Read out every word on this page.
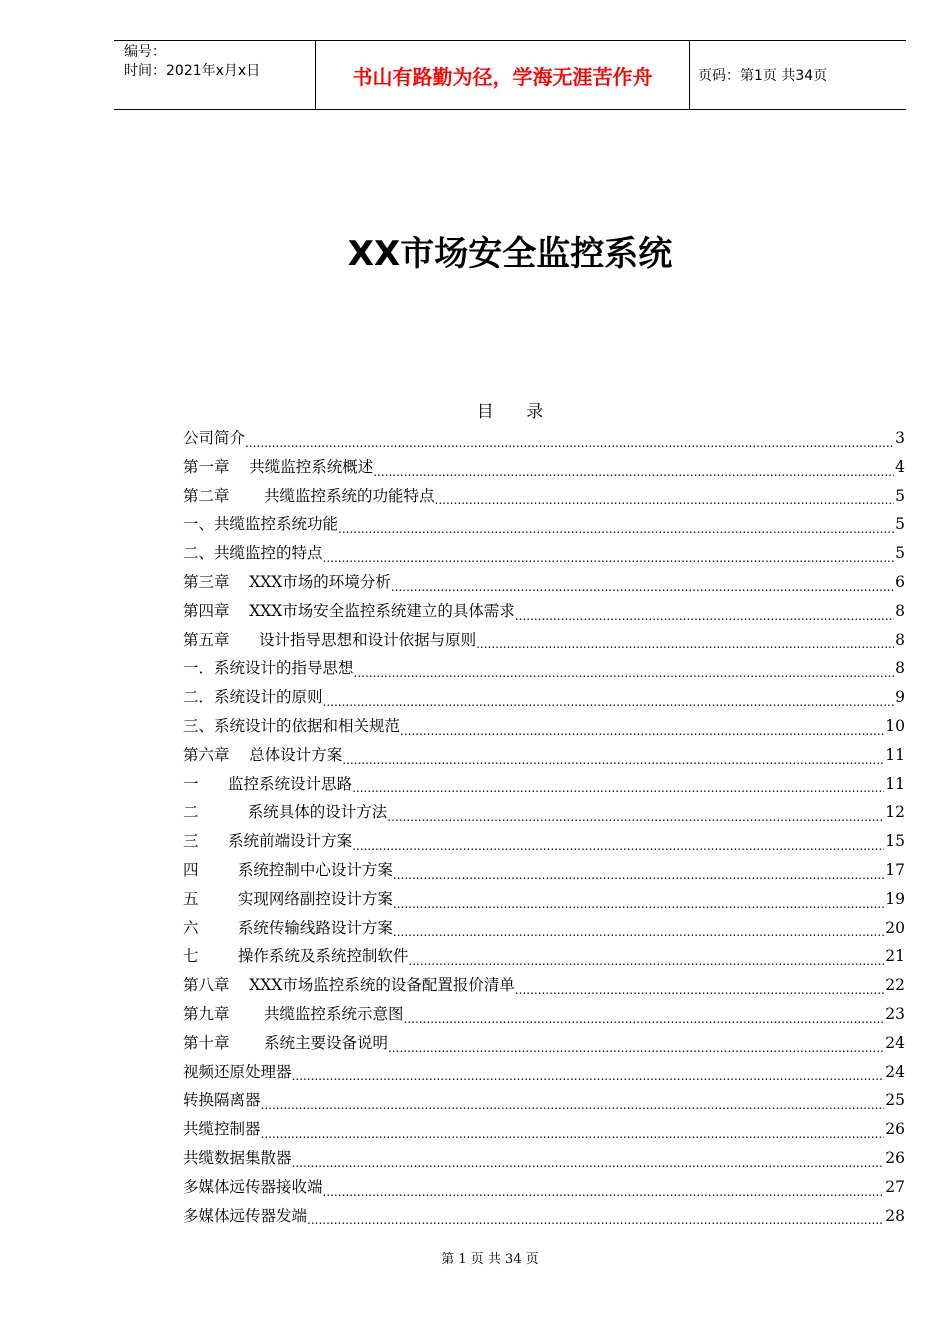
编号：
时间：2021年x月x日	书山有路勤为径，学海无涯苦作舟	页码：第1页 共34页
XX市场安全监控系统
目      录
公司简介 .....	3
第一章    共缆监控系统概述 .....	4
第二章       共缆监控系统的功能特点 .....	5
一、共缆监控系统功能 .....	5
二、共缆监控的特点 .....	5
第三章    XXX市场的环境分析 .....	6
第四章    XXX市场安全监控系统建立的具体需求 .....	8
第五章      设计指导思想和设计依据与原则 .....	8
一．系统设计的指导思想 .....	8
二．系统设计的原则 .....	9
三、系统设计的依据和相关规范 .....	10
第六章    总体设计方案 .....	11
一      监控系统设计思路 .....	11
二          系统具体的设计方法 .....	12
三      系统前端设计方案 .....	15
四        系统控制中心设计方案 .....	17
五        实现网络副控设计方案 .....	19
六        系统传输线路设计方案 .....	20
七        操作系统及系统控制软件 .....	21
第八章    XXX市场监控系统的设备配置报价清单 .....	22
第九章       共缆监控系统示意图 .....	23
第十章       系统主要设备说明 .....	24
视频还原处理器 .....	24
转换隔离器 .....	25
共缆控制器 .....	26
共缆数据集散器 .....	26
多媒体远传器接收端 .....	27
多媒体远传器发端 .....	28
第 1 页 共 34 页
